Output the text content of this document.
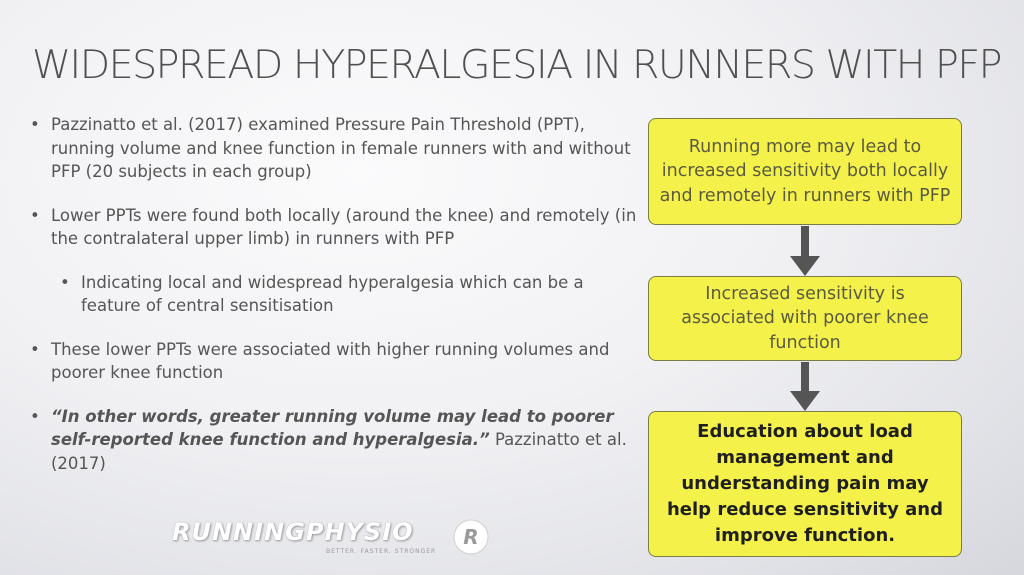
WIDESPREAD HYPERALGESIA IN RUNNERS WITH PFP
• Pazzinatto et al. (2017) examined Pressure Pain Threshold (PPT), running volume and knee function in female runners with and without PFP (20 subjects in each group)
• Lower PPTs were found both locally (around the knee) and remotely (in the contralateral upper limb) in runners with PFP
• Indicating local and widespread hyperalgesia which can be a feature of central sensitisation
• These lower PPTs were associated with higher running volumes and poorer knee function
• “In other words, greater running volume may lead to poorer self-reported knee function and hyperalgesia.” Pazzinatto et al. (2017)
Running more may lead to increased sensitivity both locally and remotely in runners with PFP
Increased sensitivity is associated with poorer knee function
Education about load management and understanding pain may help reduce sensitivity and improve function.
RUNNINGPHYSIO
BETTER. FASTER. STRONGER
R
